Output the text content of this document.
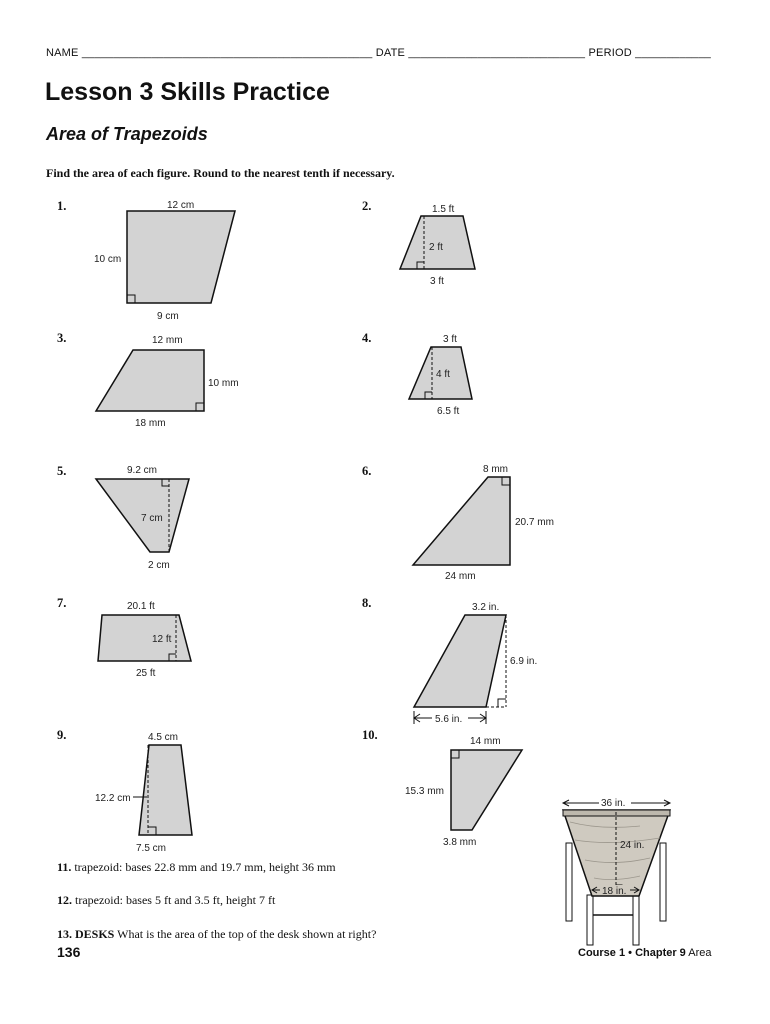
NAME ______________________________________________ DATE ____________________________ PERIOD ____________
Lesson 3 Skills Practice
Area of Trapezoids
Find the area of each figure. Round to the nearest tenth if necessary.
1.	2.
3.	4.
5.	6.
7.	8.
9.	10.
12 cm
10 cm
9 cm
1.5 ft
2 ft
3 ft
12 mm
10 mm
18 mm
3 ft
4 ft
6.5 ft
9.2 cm
7 cm
2 cm
8 mm
20.7 mm
24 mm
20.1 ft
12 ft
25 ft
3.2 in.
6.9 in.
5.6 in.
4.5 cm
12.2 cm
7.5 cm
14 mm
15.3 mm
3.8 mm
36 in.
24 in.
18 in.
11. trapezoid: bases 22.8 mm and 19.7 mm, height 36 mm
12. trapezoid: bases 5 ft and 3.5 ft, height 7 ft
13. DESKS What is the area of the top of the desk shown at right?
136	Course 1 • Chapter 9 Area
